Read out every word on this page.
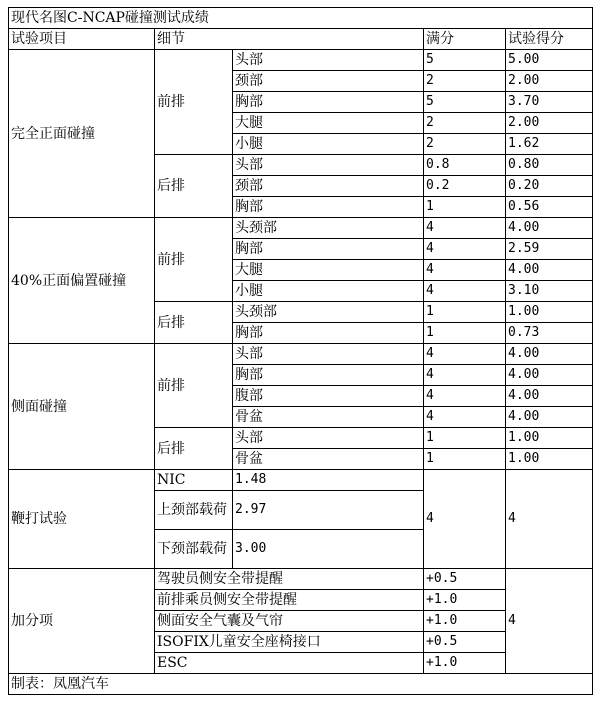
现代名图C-NCAP碰撞测试成绩				
试验项目	细节		满分	试验得分
完全正面碰撞	前排	头部	5	5.00
		颈部	2	2.00
		胸部	5	3.70
		大腿	2	2.00
		小腿	2	1.62
	后排	头部	0.8	0.80
		颈部	0.2	0.20
		胸部	1	0.56
40%正面偏置碰撞	前排	头颈部	4	4.00
		胸部	4	2.59
		大腿	4	4.00
		小腿	4	3.10
	后排	头颈部	1	1.00
		胸部	1	0.73
侧面碰撞	前排	头部	4	4.00
		胸部	4	4.00
		腹部	4	4.00
		骨盆	4	4.00
	后排	头部	1	1.00
		骨盆	1	1.00
鞭打试验	NIC	1.48	4	4
	上颈部载荷	2.97		
	下颈部载荷	3.00		
加分项	驾驶员侧安全带提醒		+0.5	4
	前排乘员侧安全带提醒		+1.0	
	侧面安全气囊及气帘		+1.0	
	ISOFIX儿童安全座椅接口		+0.5	
	ESC		+1.0	
制表：凤凰汽车				
